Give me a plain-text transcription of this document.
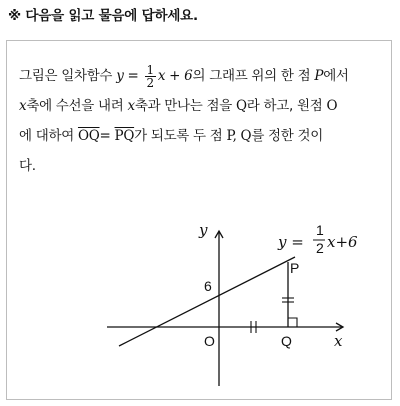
※ 다음을 읽고 물음에 답하세요.
그림은 일차함수 $y = \frac{1}{2}$ x + 6의 그래프 위의 한 점 P에서
x축에 수선을 내려 x축과 만나는 점을 Q라 하고, 원점 O
에 대하여 $\overline{OQ}= \overline{PQ}$가 되도록 두 점 P, Q를 정한 것이
다.
y
x
6
O
P
Q
y =
1
2 x+6
